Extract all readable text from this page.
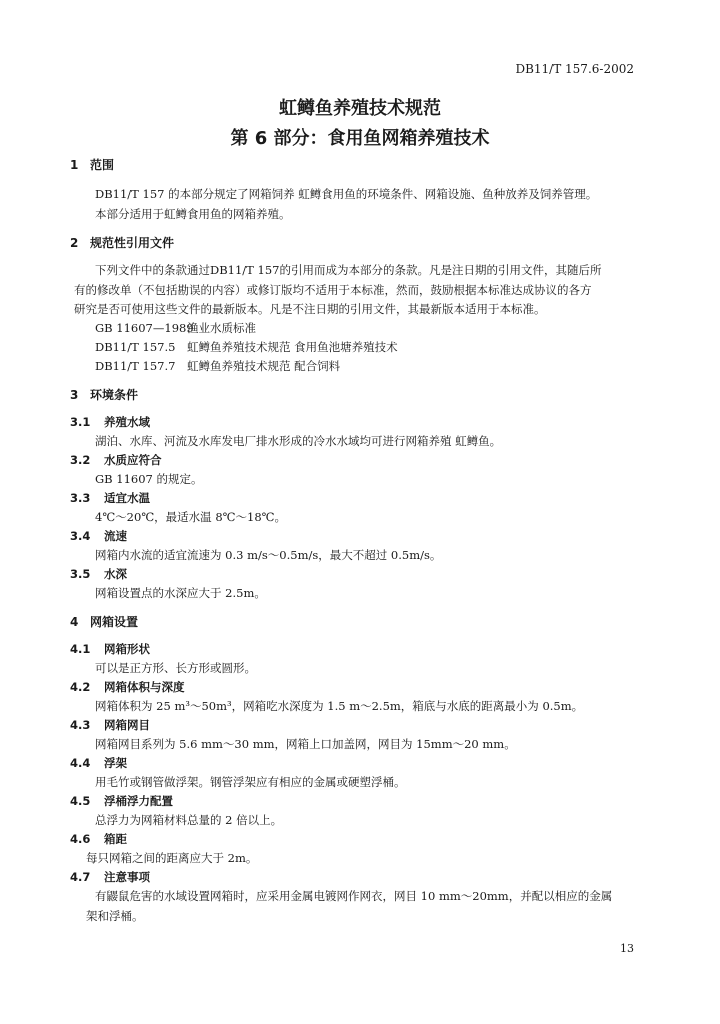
DB11/T 157.6-2002
虹鳟鱼养殖技术规范
第 6 部分：食用鱼网箱养殖技术
1 范围
DB11/T 157 的本部分规定了网箱饲养 虹鳟食用鱼的环境条件、网箱设施、鱼种放养及饲养管理。
本部分适用于虹鳟食用鱼的网箱养殖。
2 规范性引用文件
下列文件中的条款通过DB11/T 157的引用而成为本部分的条款。凡是注日期的引用文件，其随后所
有的修改单（不包括勘误的内容）或修订版均不适用于本标准，然而，鼓励根据本标准达成协议的各方
研究是否可使用这些文件的最新版本。凡是不注日期的引用文件，其最新版本适用于本标准。
GB 11607—1989渔业水质标准
DB11/T 157.5 虹鳟鱼养殖技术规范 食用鱼池塘养殖技术
DB11/T 157.7 虹鳟鱼养殖技术规范 配合饲料
3 环境条件
3.1 养殖水域
湖泊、水库、河流及水库发电厂排水形成的冷水水域均可进行网箱养殖 虹鳟鱼。
3.2 水质应符合
GB 11607 的规定。
3.3 适宜水温
4℃～20℃，最适水温 8℃～18℃。
3.4 流速
网箱内水流的适宜流速为 0.3 m/s～0.5m/s，最大不超过 0.5m/s。
3.5 水深
网箱设置点的水深应大于 2.5m。
4 网箱设置
4.1 网箱形状
可以是正方形、长方形或圆形。
4.2 网箱体积与深度
网箱体积为 25 m³～50m³，网箱吃水深度为 1.5 m～2.5m，箱底与水底的距离最小为 0.5m。
4.3 网箱网目
网箱网目系列为 5.6 mm～30 mm，网箱上口加盖网，网目为 15mm～20 mm。
4.4 浮架
用毛竹或钢管做浮架。钢管浮架应有相应的金属或硬塑浮桶。
4.5 浮桶浮力配置
总浮力为网箱材料总量的 2 倍以上。
4.6 箱距
每只网箱之间的距离应大于 2m。
4.7 注意事项
有鼹鼠危害的水域设置网箱时，应采用金属电镀网作网衣，网目 10 mm～20mm，并配以相应的金属
架和浮桶。
13
